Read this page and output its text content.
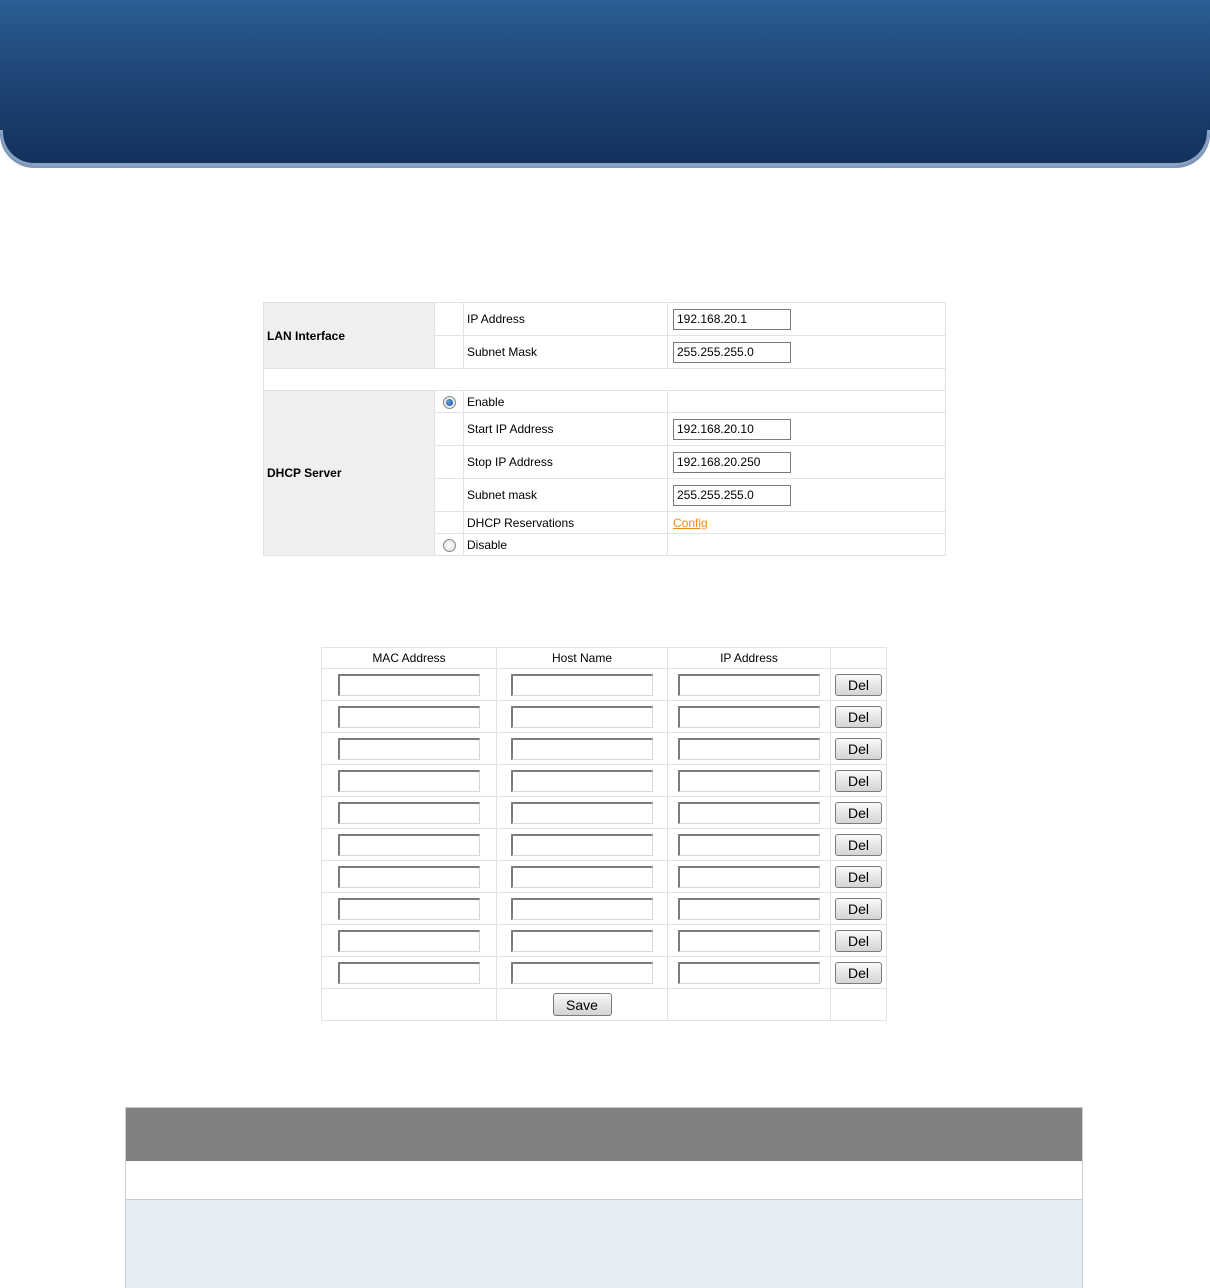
LAN Interface		IP Address	192.168.20.1
		Subnet Mask	255.255.255.0

DHCP Server		Enable	
		Start IP Address	192.168.20.10
		Stop IP Address	192.168.20.250
		Subnet mask	255.255.255.0
		DHCP Reservations	Config
		Disable	
MAC Address	Host Name	IP Address	
			Del
			Del
			Del
			Del
			Del
			Del
			Del
			Del
			Del
			Del
	Save		
